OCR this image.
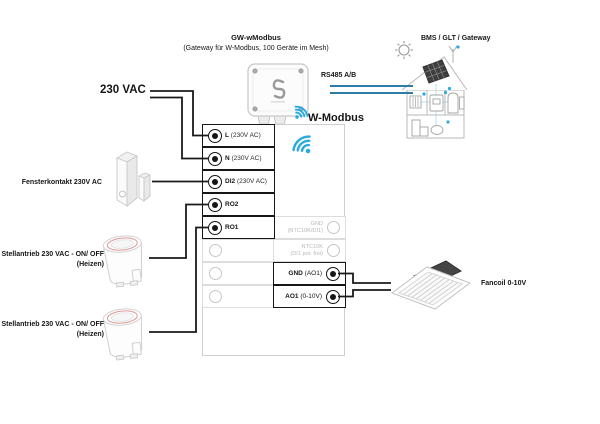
L (230V AC)
N (230V AC)
DI2 (230V AC)
RO2
RO1	GND
(NTC10K/DI1)
NTC10K
(DI1 pot. frei)
GND (AO1)
AO1 (0-10V)
GW-wModbus
(Gateway für W-Modbus, 100 Geräte im Mesh)
RS485 A/B
BMS / GLT / Gateway
W-Modbus
230 VAC
Fensterkontakt 230V AC
Stellantrieb 230 VAC - ON/ OFF
(Heizen)
Stellantrieb 230 VAC - ON/ OFF
(Heizen)
Fancoil 0-10V
